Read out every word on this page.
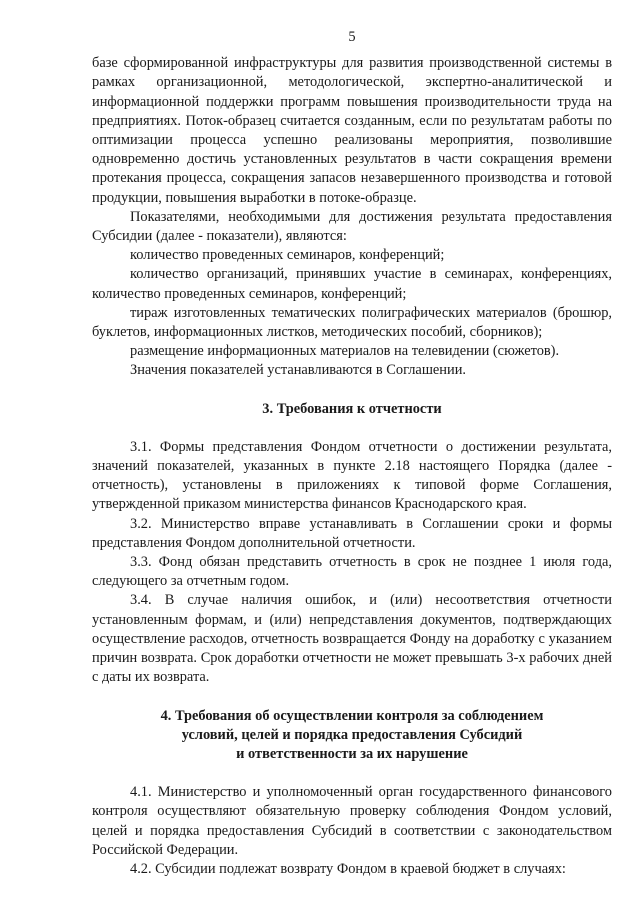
5

базе сформированной инфраструктуры для развития производственной системы в рамках организационной, методологической, экспертно-аналитической и информационной поддержки программ повышения производительности труда на предприятиях. Поток-образец считается созданным, если по результатам работы по оптимизации процесса успешно реализованы мероприятия, позволившие одновременно достичь установленных результатов в части сокращения времени протекания процесса, сокращения запасов незавершенного производства и готовой продукции, повышения выработки в потоке-образце.

Показателями, необходимыми для достижения результата предоставления Субсидии (далее - показатели), являются:

количество проведенных семинаров, конференций;

количество организаций, принявших участие в семинарах, конференциях, количество проведенных семинаров, конференций;

тираж изготовленных тематических полиграфических материалов (брошюр, буклетов, информационных листков, методических пособий, сборников);

размещение информационных материалов на телевидении (сюжетов).

Значения показателей устанавливаются в Соглашении.

3. Требования к отчетности

3.1. Формы представления Фондом отчетности о достижении результата, значений показателей, указанных в пункте 2.18 настоящего Порядка (далее - отчетность), установлены в приложениях к типовой форме Соглашения, утвержденной приказом министерства финансов Краснодарского края.

3.2. Министерство вправе устанавливать в Соглашении сроки и формы представления Фондом дополнительной отчетности.

3.3. Фонд обязан представить отчетность в срок не позднее 1 июля года, следующего за отчетным годом.

3.4. В случае наличия ошибок, и (или) несоответствия отчетности установленным формам, и (или) непредставления документов, подтверждающих осуществление расходов, отчетность возвращается Фонду на доработку с указанием причин возврата. Срок доработки отчетности не может превышать 3-х рабочих дней с даты их возврата.

4. Требования об осуществлении контроля за соблюдением
условий, целей и порядка предоставления Субсидий
и ответственности за их нарушение

4.1. Министерство и уполномоченный орган государственного финансового контроля осуществляют обязательную проверку соблюдения Фондом условий, целей и порядка предоставления Субсидий в соответствии с законодательством Российской Федерации.

4.2. Субсидии подлежат возврату Фондом в краевой бюджет в случаях:
